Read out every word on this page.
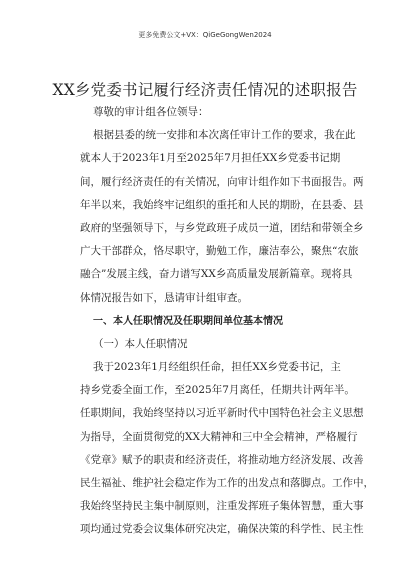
更多免费公文+VX：QiGeGongWen2024
XX乡党委书记履行经济责任情况的述职报告
尊敬的审计组各位领导：
根据县委的统一安排和本次离任审计工作的要求，我在此
就本人于2023年1月至2025年7月担任XX乡党委书记期
间，履行经济责任的有关情况，向审计组作如下书面报告。两
年半以来，我始终牢记组织的重托和人民的期盼，在县委、县
政府的坚强领导下，与乡党政班子成员一道，团结和带领全乡
广大干部群众，恪尽职守，勤勉工作，廉洁奉公，聚焦“农旅
融合”发展主线，奋力谱写XX乡高质量发展新篇章。现将具
体情况报告如下，恳请审计组审查。
一、本人任职情况及任职期间单位基本情况
（一）本人任职情况
我于2023年1月经组织任命，担任XX乡党委书记，主
持乡党委全面工作，至2025年7月离任，任期共计两年半。
任职期间，我始终坚持以习近平新时代中国特色社会主义思想
为指导，全面贯彻党的XX大精神和三中全会精神，严格履行
《党章》赋予的职责和经济责任，将推动地方经济发展、改善
民生福祉、维护社会稳定作为工作的出发点和落脚点。工作中，
我始终坚持民主集中制原则，注重发挥班子集体智慧，重大事
项均通过党委会议集体研究决定，确保决策的科学性、民主性
